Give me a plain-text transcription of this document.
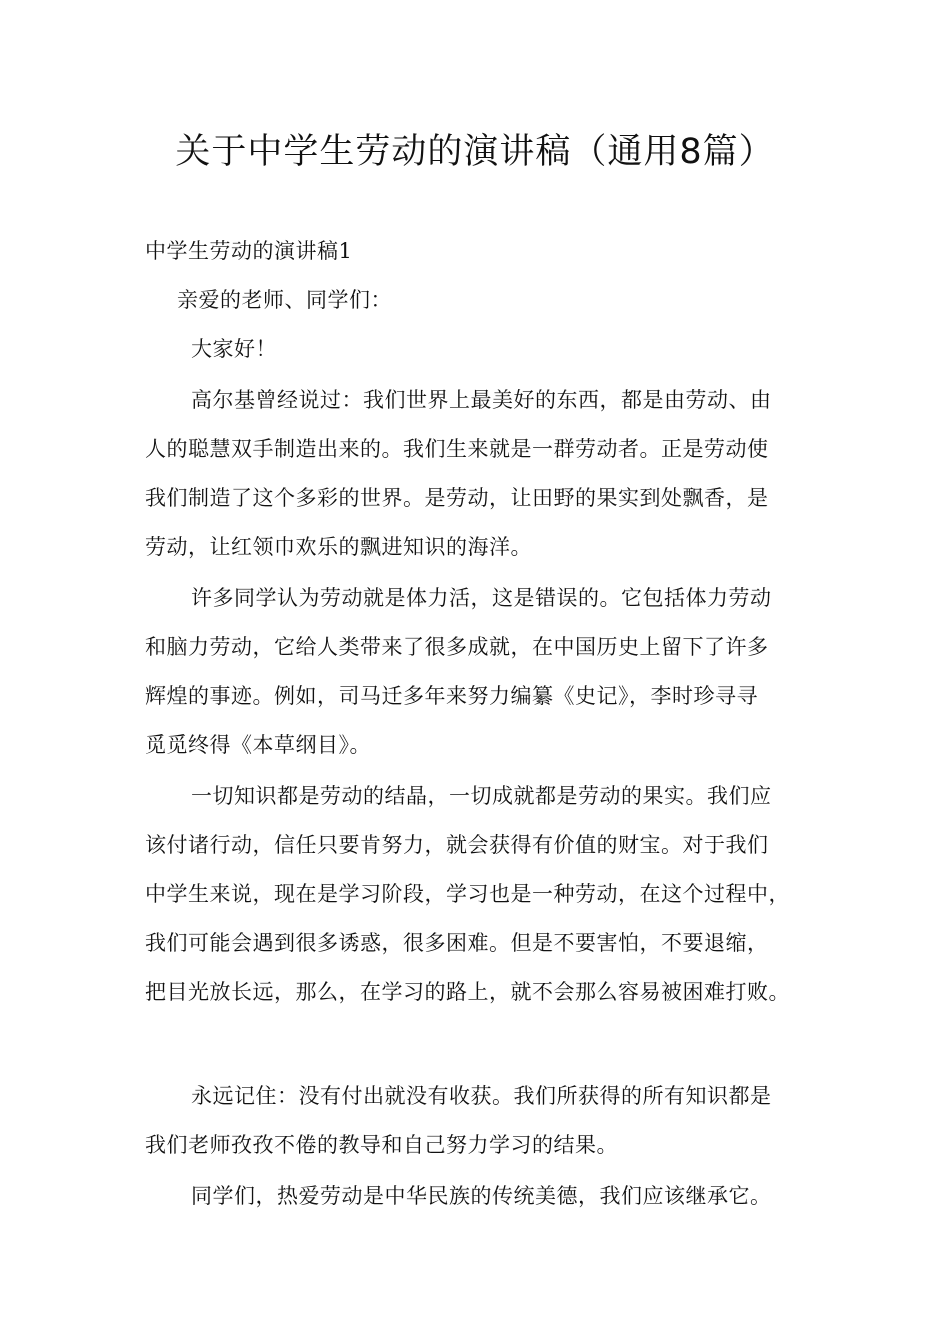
关于中学生劳动的演讲稿（通用8篇）

中学生劳动的演讲稿1

亲爱的老师、同学们：

大家好！

高尔基曾经说过：我们世界上最美好的东西，都是由劳动、由
人的聪慧双手制造出来的。我们生来就是一群劳动者。正是劳动使
我们制造了这个多彩的世界。是劳动，让田野的果实到处飘香，是
劳动，让红领巾欢乐的飘进知识的海洋。

许多同学认为劳动就是体力活，这是错误的。它包括体力劳动
和脑力劳动，它给人类带来了很多成就，在中国历史上留下了许多
辉煌的事迹。例如，司马迁多年来努力编纂《史记》，李时珍寻寻
觅觅终得《本草纲目》。

一切知识都是劳动的结晶，一切成就都是劳动的果实。我们应
该付诸行动，信任只要肯努力，就会获得有价值的财宝。对于我们
中学生来说，现在是学习阶段，学习也是一种劳动，在这个过程中，
我们可能会遇到很多诱惑，很多困难。但是不要害怕，不要退缩，
把目光放长远，那么，在学习的路上，就不会那么容易被困难打败。

永远记住：没有付出就没有收获。我们所获得的所有知识都是
我们老师孜孜不倦的教导和自己努力学习的结果。

同学们，热爱劳动是中华民族的传统美德，我们应该继承它。
